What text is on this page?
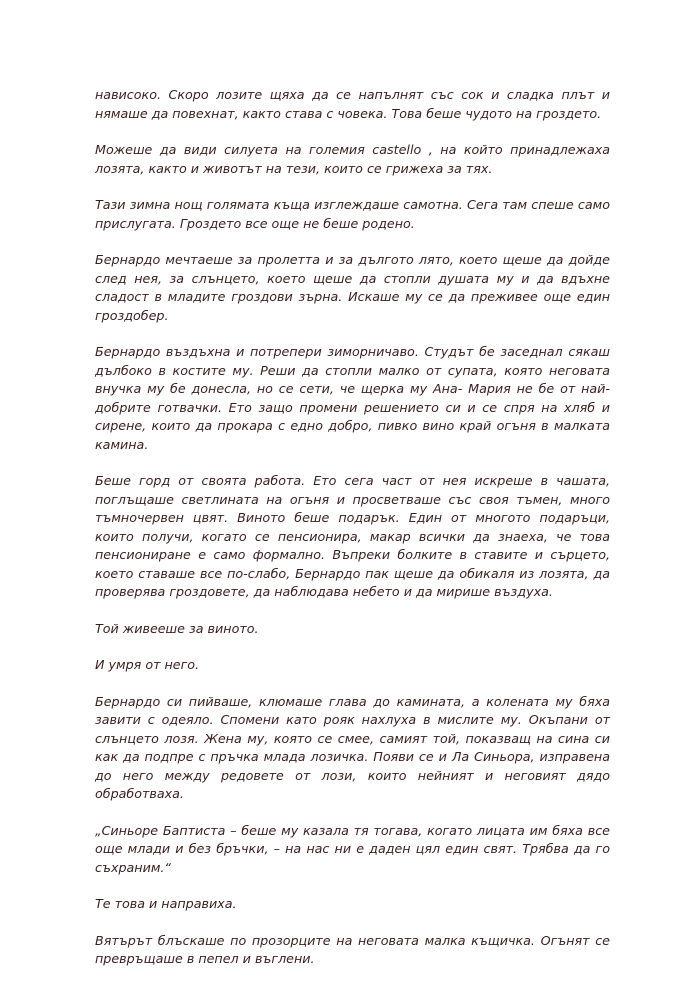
нависоко. Скоро лозите щяха да се напълнят със сок и сладка плът и нямаше да повехнат, както става с човека. Това беше чудото на гроздето.

Можеше да види силуета на големия castello , на който принадлежаха лозята, както и животът на тези, които се грижеха за тях.

Тази зимна нощ голямата къща изглеждаше самотна. Сега там спеше само прислугата. Гроздето все още не беше родено.

Бернардо мечтаеше за пролетта и за дългото лято, което щеше да дойде след нея, за слънцето, което щеше да стопли душата му и да вдъхне сладост в младите гроздови зърна. Искаше му се да преживее още един гроздобер.

Бернардо въздъхна и потрепери зиморничаво. Студът бе заседнал сякаш дълбоко в костите му. Реши да стопли малко от супата, която неговата внучка му бе донесла, но се сети, че щерка му Ана- Мария не бе от най-добрите готвачки. Ето защо промени решението си и се спря на хляб и сирене, които да прокара с едно добро, пивко вино край огъня в малката камина.

Беше горд от своята работа. Ето сега част от нея искреше в чашата, поглъщаше светлината на огъня и просветваше със своя тъмен, много тъмночервен цвят. Виното беше подарък. Един от многото подаръци, които получи, когато се пенсионира, макар всички да знаеха, че това пенсиониране е само формално. Въпреки болките в ставите и сърцето, което ставаше все по-слабо, Бернардо пак щеше да обикаля из лозята, да проверява гроздовете, да наблюдава небето и да мирише въздуха.

Той живееше за виното.

И умря от него.

Бернардо си пийваше, клюмаше глава до камината, а колената му бяха завити с одеяло. Спомени като рояк нахлуха в мислите му. Окъпани от слънцето лозя. Жена му, която се смее, самият той, показващ на сина си как да подпре с пръчка млада лозичка. Появи се и Ла Синьора, изправена до него между редовете от лози, които нейният и неговият дядо обработваха.

„Синьоре Баптиста – беше му казала тя тогава, когато лицата им бяха все още млади и без бръчки, – на нас ни е даден цял един свят. Трябва да го съхраним.“

Те това и направиха.

Вятърът блъскаше по прозорците на неговата малка къщичка. Огънят се превръщаше в пепел и въглени.
